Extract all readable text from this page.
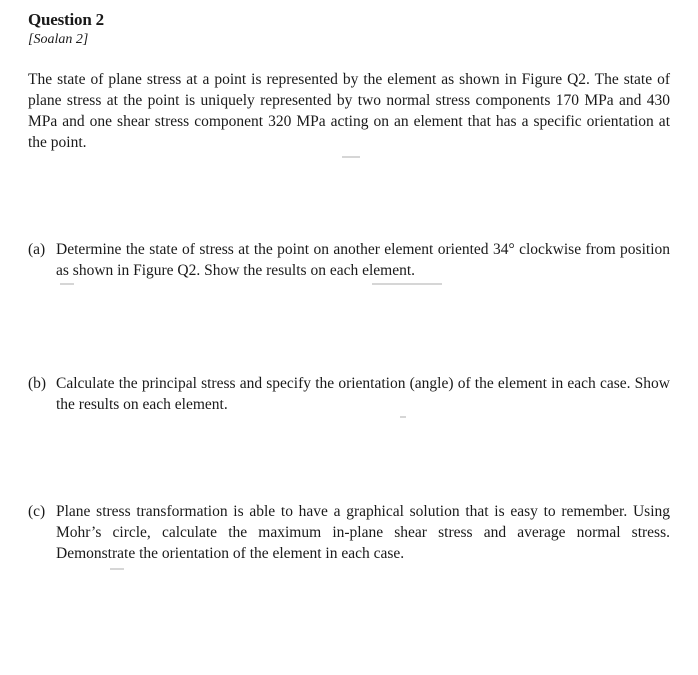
Question 2
[Soalan 2]
The state of plane stress at a point is represented by the element as shown in Figure Q2. The state of plane stress at the point is uniquely represented by two normal stress components 170 MPa and 430 MPa and one shear stress component 320 MPa acting on an element that has a specific orientation at the point.
(a) Determine the state of stress at the point on another element oriented 34° clockwise from position as shown in Figure Q2. Show the results on each element.
(b) Calculate the principal stress and specify the orientation (angle) of the element in each case. Show the results on each element.
(c) Plane stress transformation is able to have a graphical solution that is easy to remember. Using Mohr’s circle, calculate the maximum in-plane shear stress and average normal stress. Demonstrate the orientation of the element in each case.
